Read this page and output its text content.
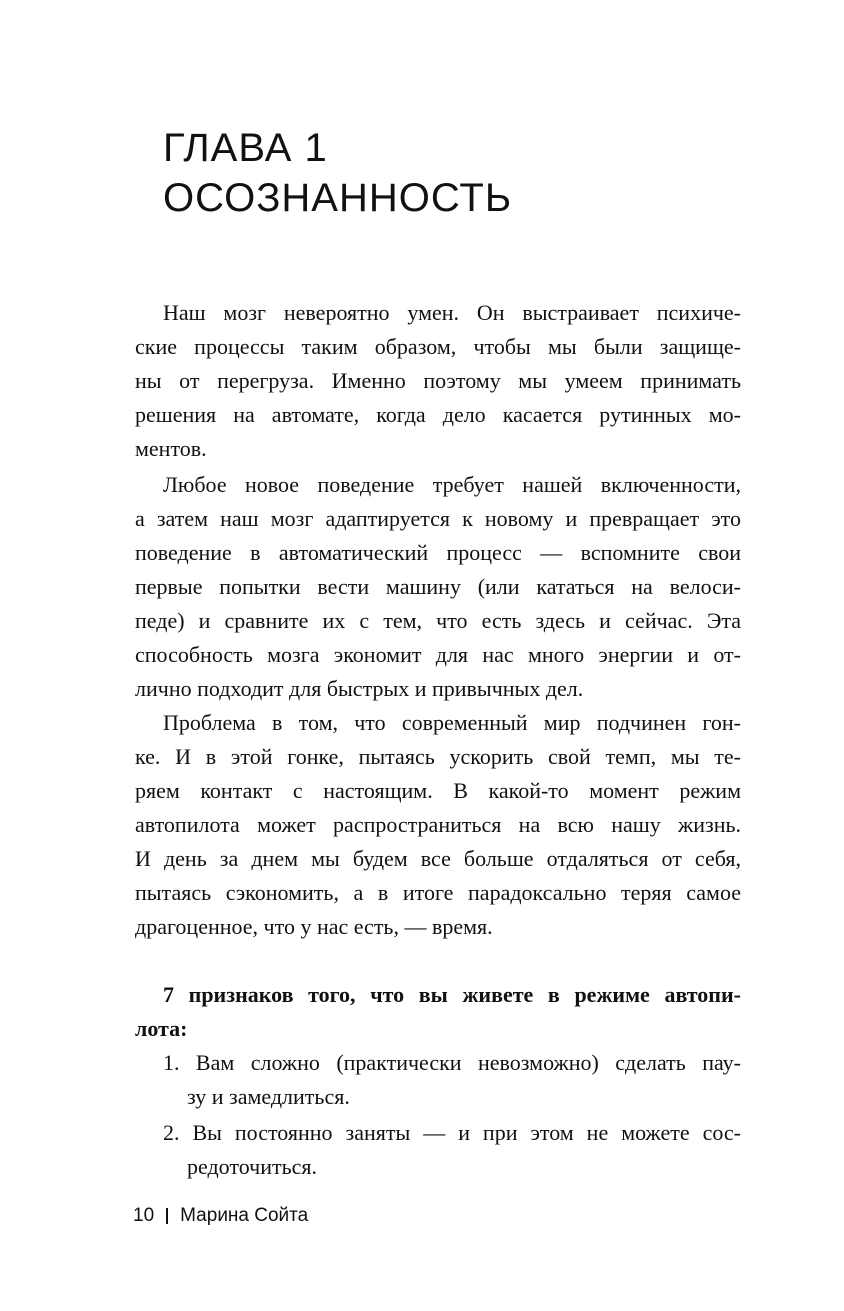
ГЛАВА 1
ОСОЗНАННОСТЬ
Наш мозг невероятно умен. Он выстраивает психиче-
ские процессы таким образом, чтобы мы были защище-
ны от перегруза. Именно поэтому мы умеем принимать
решения на автомате, когда дело касается рутинных мо-
ментов.
Любое новое поведение требует нашей включенности,
а затем наш мозг адаптируется к новому и превращает это
поведение в автоматический процесс — вспомните свои
первые попытки вести машину (или кататься на велоси-
педе) и сравните их с тем, что есть здесь и сейчас. Эта
способность мозга экономит для нас много энергии и от-
лично подходит для быстрых и привычных дел.
Проблема в том, что современный мир подчинен гон-
ке. И в этой гонке, пытаясь ускорить свой темп, мы те-
ряем контакт с настоящим. В какой-то момент режим
автопилота может распространиться на всю нашу жизнь.
И день за днем мы будем все больше отдаляться от себя,
пытаясь сэкономить, а в итоге парадоксально теряя самое
драгоценное, что у нас есть, — время.
7 признаков того, что вы живете в режиме автопи-
лота:
1. Вам сложно (практически невозможно) сделать пау-
зу и замедлиться.
2. Вы постоянно заняты — и при этом не можете сос-
редоточиться.
10 Марина Сойта
